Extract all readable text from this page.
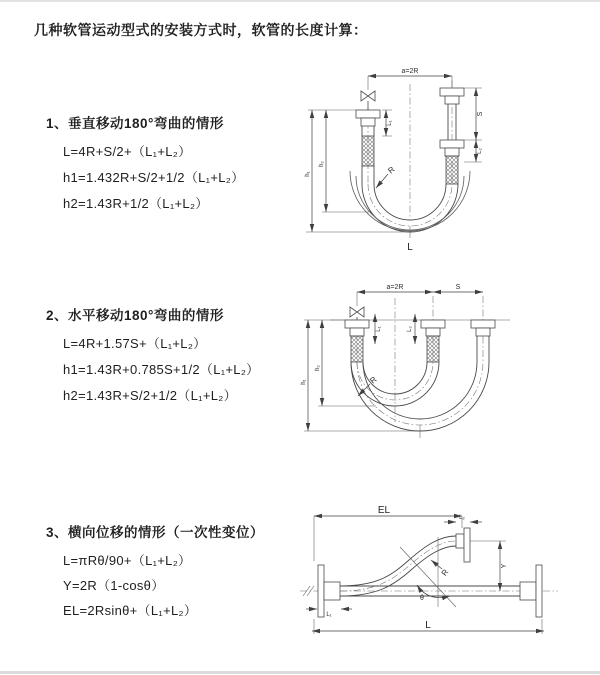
几种软管运动型式的安装方式时，软管的长度计算：
1、垂直移动180°弯曲的情形
L=4R+S/2+（L₁+L₂）
h1=1.432R+S/2+1/2（L₁+L₂）
h2=1.43R+1/2（L₁+L₂）
2、水平移动180°弯曲的情形
L=4R+1.57S+（L₁+L₂）
h1=1.43R+0.785S+1/2（L₁+L₂）
h2=1.43R+S/2+1/2（L₁+L₂）
3、横向位移的情形（一次性变位）
L=πRθ/90+（L₁+L₂）
Y=2R（1-cosθ）
EL=2Rsinθ+（L₁+L₂）
a=2R
S
L₂
L₁
h₁
h₂
R
L
a=2R	S
L₁	L₂
h₁
h₂
R
EL
L₂
Y
θ
R
L₁
L
